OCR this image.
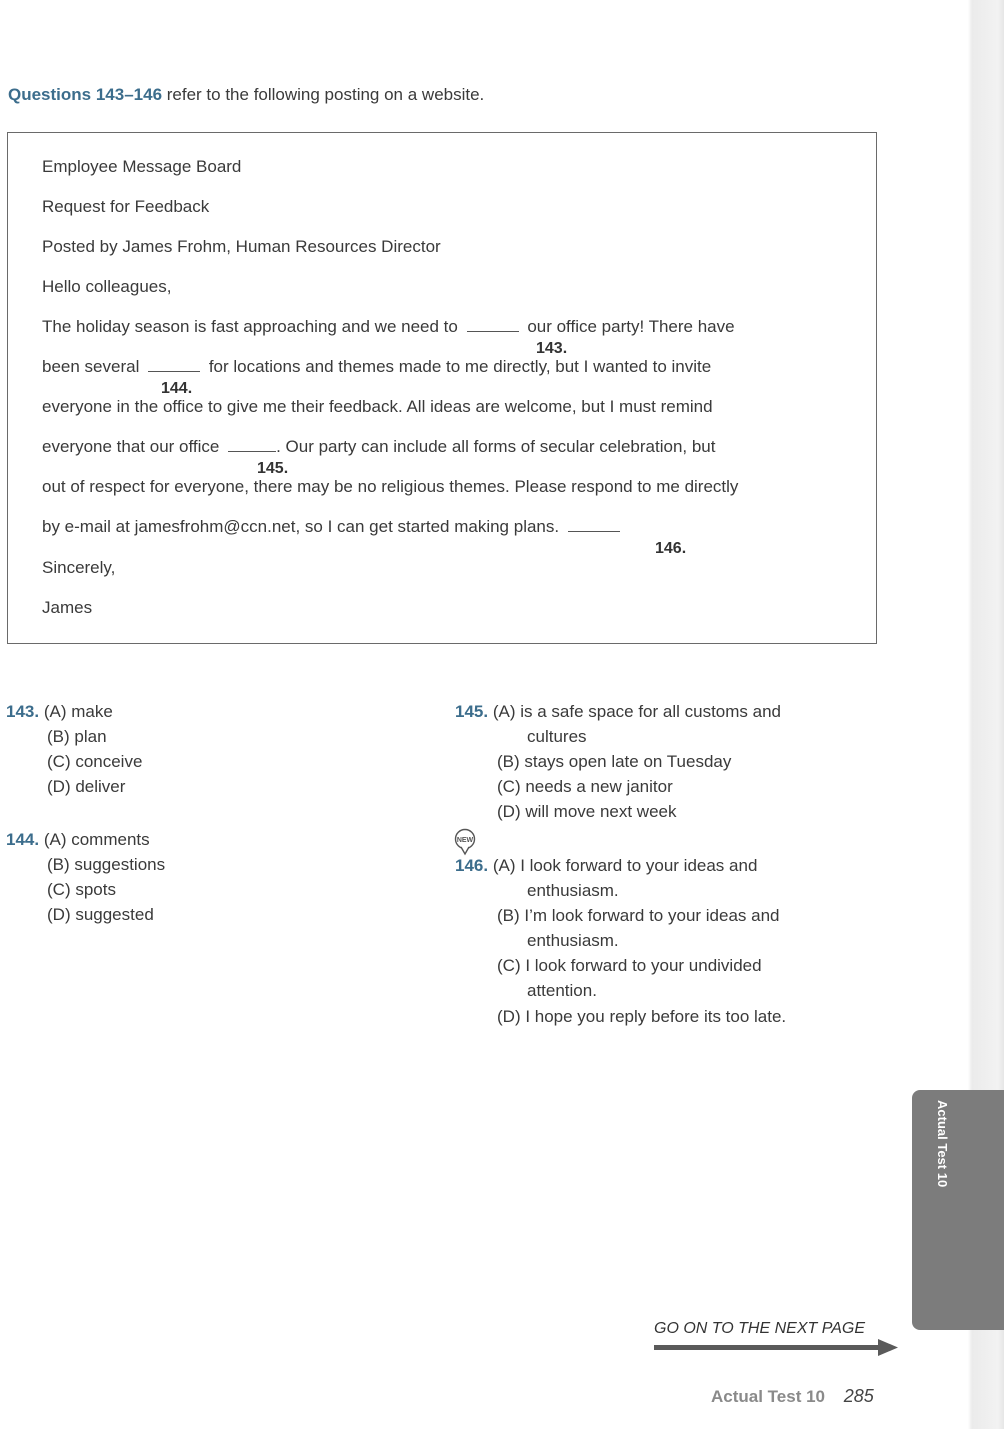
Questions 143–146 refer to the following posting on a website.
Employee Message Board
Request for Feedback
Posted by James Frohm, Human Resources Director
Hello colleagues,
The holiday season is fast approaching and we need to	our office party! There have
143.
been several	for locations and themes made to me directly, but I wanted to invite
144.
everyone in the office to give me their feedback. All ideas are welcome, but I must remind
everyone that our office	. Our party can include all forms of secular celebration, but
145.
out of respect for everyone, there may be no religious themes. Please respond to me directly
by e-mail at jamesfrohm@ccn.net, so I can get started making plans.
146.
Sincerely,
James
143. (A) make
(B) plan
(C) conceive
(D) deliver
144. (A) comments
(B) suggestions
(C) spots
(D) suggested
145. (A) is a safe space for all customs and
cultures
(B) stays open late on Tuesday
(C) needs a new janitor
(D) will move next week
NEW
146. (A) I look forward to your ideas and
enthusiasm.
(B) I’m look forward to your ideas and
enthusiasm.
(C) I look forward to your undivided
attention.
(D) I hope you reply before its too late.
Actual Test 10
GO ON TO THE NEXT PAGE
Actual Test 10 285
